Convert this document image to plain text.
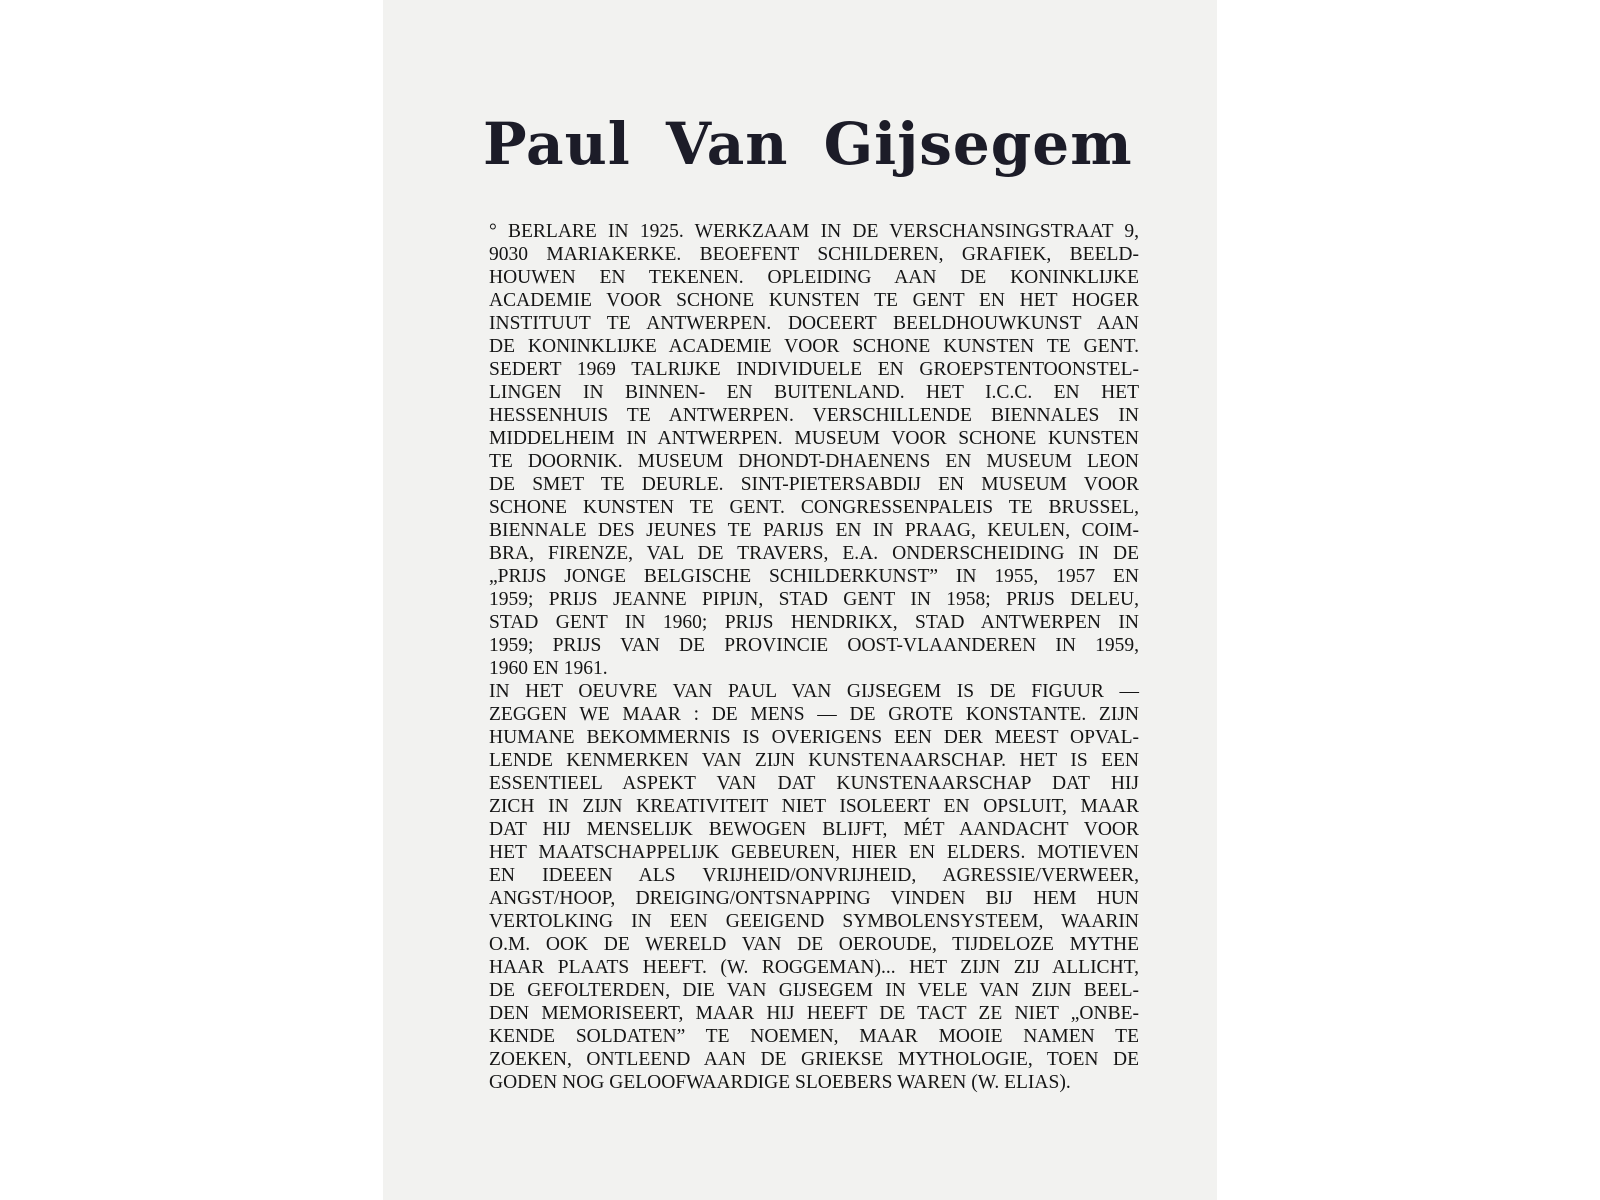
Paul Van Gijsegem
° BERLARE IN 1925. WERKZAAM IN DE VERSCHANSINGSTRAAT 9,
9030 MARIAKERKE. BEOEFENT SCHILDEREN, GRAFIEK, BEELD-
HOUWEN EN TEKENEN. OPLEIDING AAN DE KONINKLIJKE
ACADEMIE VOOR SCHONE KUNSTEN TE GENT EN HET HOGER
INSTITUUT TE ANTWERPEN. DOCEERT BEELDHOUWKUNST AAN
DE KONINKLIJKE ACADEMIE VOOR SCHONE KUNSTEN TE GENT.
SEDERT 1969 TALRIJKE INDIVIDUELE EN GROEPSTENTOONSTEL-
LINGEN IN BINNEN- EN BUITENLAND. HET I.C.C. EN HET
HESSENHUIS TE ANTWERPEN. VERSCHILLENDE BIENNALES IN
MIDDELHEIM IN ANTWERPEN. MUSEUM VOOR SCHONE KUNSTEN
TE DOORNIK. MUSEUM DHONDT-DHAENENS EN MUSEUM LEON
DE SMET TE DEURLE. SINT-PIETERSABDIJ EN MUSEUM VOOR
SCHONE KUNSTEN TE GENT. CONGRESSENPALEIS TE BRUSSEL,
BIENNALE DES JEUNES TE PARIJS EN IN PRAAG, KEULEN, COIM-
BRA, FIRENZE, VAL DE TRAVERS, E.A. ONDERSCHEIDING IN DE
„PRIJS JONGE BELGISCHE SCHILDERKUNST” IN 1955, 1957 EN
1959; PRIJS JEANNE PIPIJN, STAD GENT IN 1958; PRIJS DELEU,
STAD GENT IN 1960; PRIJS HENDRIKX, STAD ANTWERPEN IN
1959; PRIJS VAN DE PROVINCIE OOST-VLAANDEREN IN 1959,
1960 EN 1961.
IN HET OEUVRE VAN PAUL VAN GIJSEGEM IS DE FIGUUR —
ZEGGEN WE MAAR : DE MENS — DE GROTE KONSTANTE. ZIJN
HUMANE BEKOMMERNIS IS OVERIGENS EEN DER MEEST OPVAL-
LENDE KENMERKEN VAN ZIJN KUNSTENAARSCHAP. HET IS EEN
ESSENTIEEL ASPEKT VAN DAT KUNSTENAARSCHAP DAT HIJ
ZICH IN ZIJN KREATIVITEIT NIET ISOLEERT EN OPSLUIT, MAAR
DAT HIJ MENSELIJK BEWOGEN BLIJFT, MÉT AANDACHT VOOR
HET MAATSCHAPPELIJK GEBEUREN, HIER EN ELDERS. MOTIEVEN
EN IDEEEN ALS VRIJHEID/ONVRIJHEID, AGRESSIE/VERWEER,
ANGST/HOOP, DREIGING/ONTSNAPPING VINDEN BIJ HEM HUN
VERTOLKING IN EEN GEEIGEND SYMBOLENSYSTEEM, WAARIN
O.M. OOK DE WERELD VAN DE OEROUDE, TIJDELOZE MYTHE
HAAR PLAATS HEEFT. (W. ROGGEMAN)... HET ZIJN ZIJ ALLICHT,
DE GEFOLTERDEN, DIE VAN GIJSEGEM IN VELE VAN ZIJN BEEL-
DEN MEMORISEERT, MAAR HIJ HEEFT DE TACT ZE NIET „ONBE-
KENDE SOLDATEN” TE NOEMEN, MAAR MOOIE NAMEN TE
ZOEKEN, ONTLEEND AAN DE GRIEKSE MYTHOLOGIE, TOEN DE
GODEN NOG GELOOFWAARDIGE SLOEBERS WAREN (W. ELIAS).
